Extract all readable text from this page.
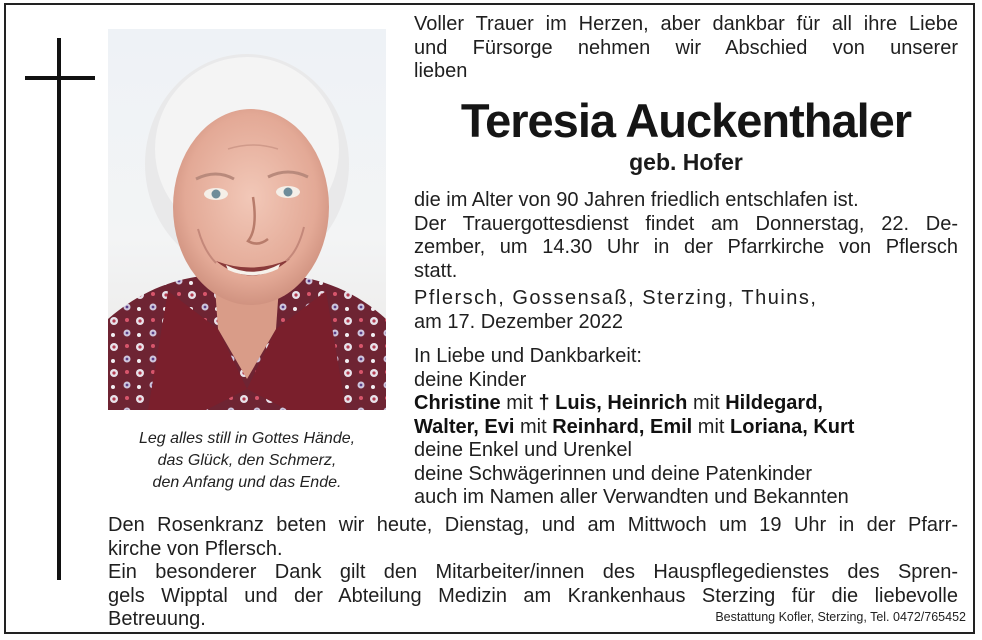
Leg alles still in Gottes Hände,
das Glück, den Schmerz,
den Anfang und das Ende.
Voller Trauer im Herzen, aber dankbar für all ihre Liebe
und Fürsorge nehmen wir Abschied von unserer
lieben
Teresia Auckenthaler
geb. Hofer
die im Alter von 90 Jahren friedlich entschlafen ist.
Der Trauergottesdienst findet am Donnerstag, 22. De-
zember, um 14.30 Uhr in der Pfarrkirche von Pflersch
statt.
Pflersch, Gossensaß, Sterzing, Thuins,
am 17. Dezember 2022
In Liebe und Dankbarkeit:
deine Kinder
Christine mit † Luis, Heinrich mit Hildegard,
Walter, Evi mit Reinhard, Emil mit Loriana, Kurt
deine Enkel und Urenkel
deine Schwägerinnen und deine Patenkinder
auch im Namen aller Verwandten und Bekannten
Den Rosenkranz beten wir heute, Dienstag, und am Mittwoch um 19 Uhr in der Pfarr-
kirche von Pflersch.
Ein besonderer Dank gilt den Mitarbeiter/innen des Hauspflegedienstes des Spren-
gels Wipptal und der Abteilung Medizin am Krankenhaus Sterzing für die liebevolle
Betreuung.	Bestattung Kofler, Sterzing, Tel. 0472/765452
